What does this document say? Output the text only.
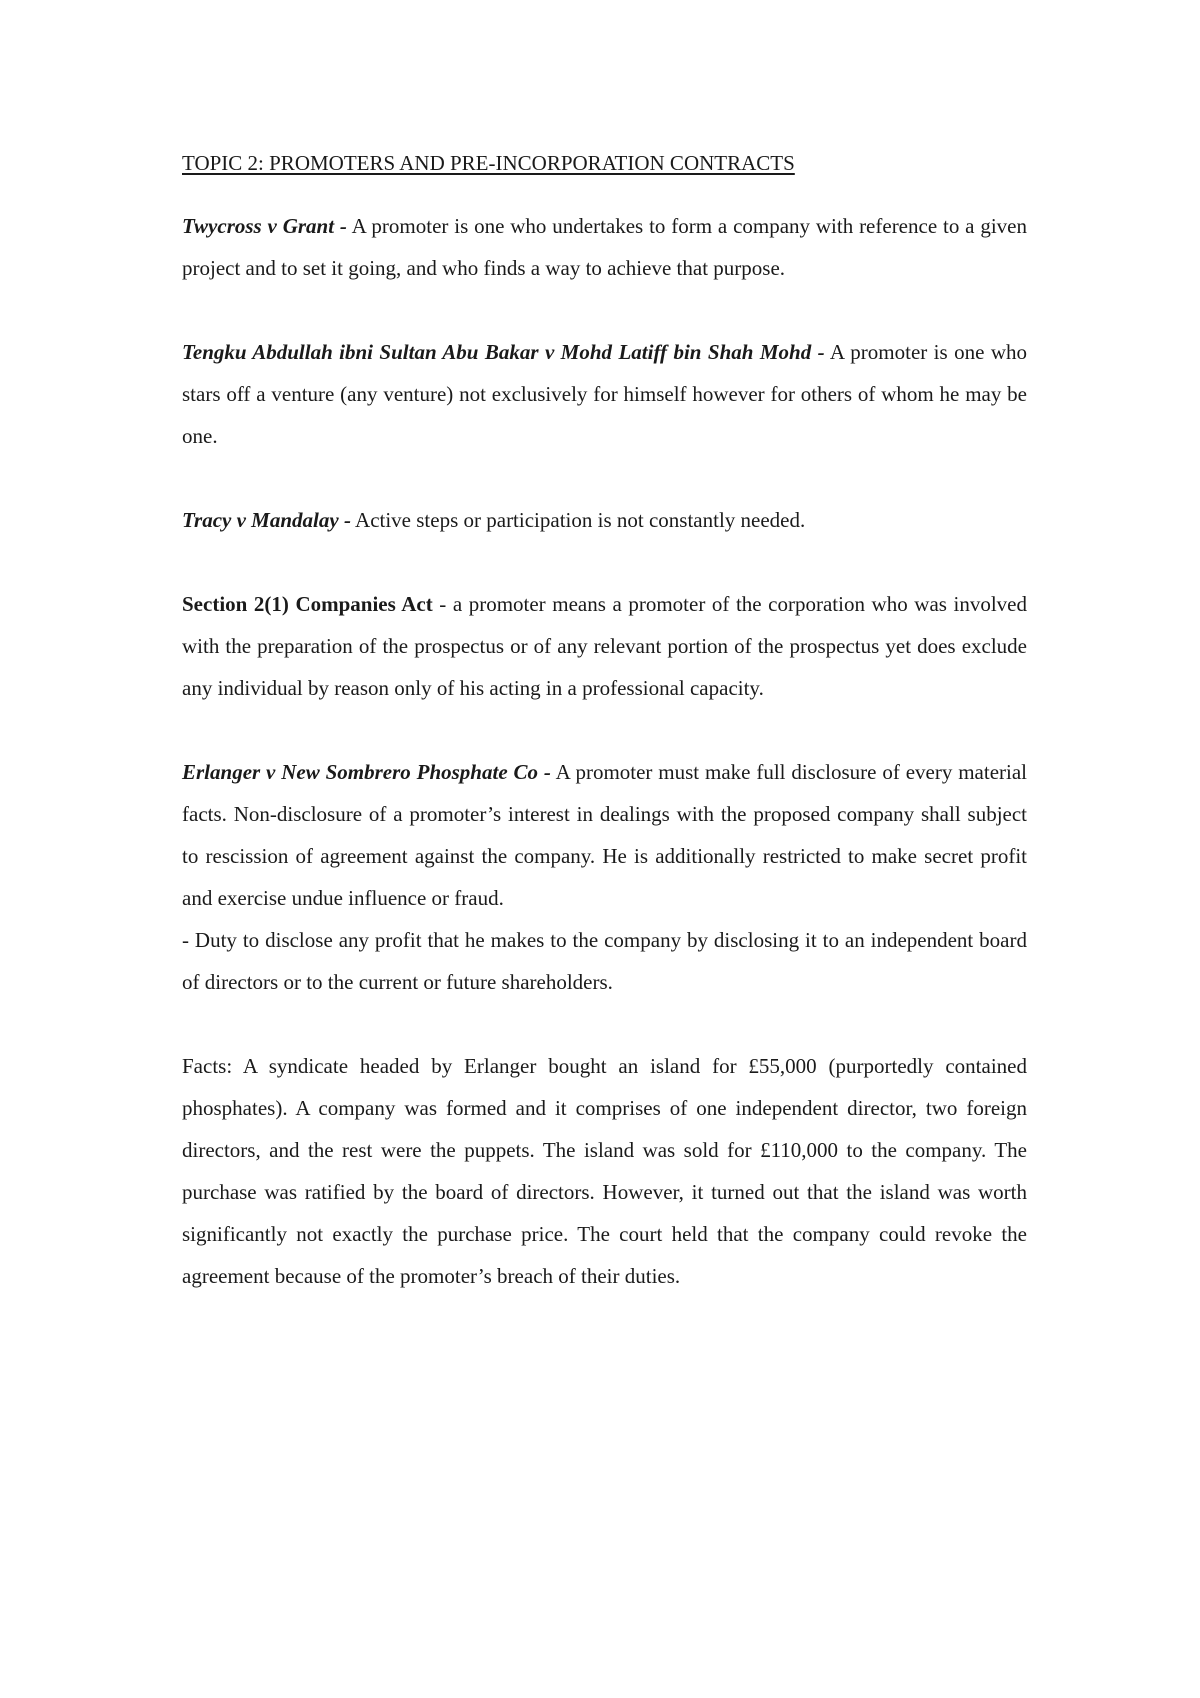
TOPIC 2: PROMOTERS AND PRE-INCORPORATION CONTRACTS

Twycross v Grant - A promoter is one who undertakes to form a company with reference to a given project and to set it going, and who finds a way to achieve that purpose.

Tengku Abdullah ibni Sultan Abu Bakar v Mohd Latiff bin Shah Mohd - A promoter is one who stars off a venture (any venture) not exclusively for himself however for others of whom he may be one.

Tracy v Mandalay - Active steps or participation is not constantly needed.

Section 2(1) Companies Act - a promoter means a promoter of the corporation who was involved with the preparation of the prospectus or of any relevant portion of the prospectus yet does exclude any individual by reason only of his acting in a professional capacity.

Erlanger v New Sombrero Phosphate Co - A promoter must make full disclosure of every material facts. Non-disclosure of a promoter’s interest in dealings with the proposed company shall subject to rescission of agreement against the company. He is additionally restricted to make secret profit and exercise undue influence or fraud.

- Duty to disclose any profit that he makes to the company by disclosing it to an independent board of directors or to the current or future shareholders.

Facts: A syndicate headed by Erlanger bought an island for £55,000 (purportedly contained phosphates). A company was formed and it comprises of one independent director, two foreign directors, and the rest were the puppets. The island was sold for £110,000 to the company. The purchase was ratified by the board of directors. However, it turned out that the island was worth significantly not exactly the purchase price. The court held that the company could revoke the agreement because of the promoter’s breach of their duties.
